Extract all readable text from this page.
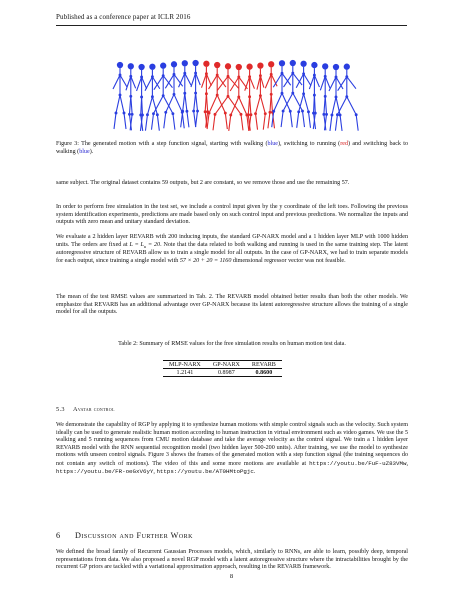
Published as a conference paper at ICLR 2016
Figure 3: The generated motion with a step function signal, starting with walking (blue), switching to running (red) and switching back to walking (blue).
same subject. The original dataset contains 59 outputs, but 2 are constant, so we remove those and use the remaining 57.
In order to perform free simulation in the test set, we include a control input given by the y coordinate of the left toes. Following the previous system identification experiments, predictions are made based only on such control input and previous predictions. We normalize the inputs and outputs with zero mean and unitary standard deviation.
We evaluate a 2 hidden layer REVARB with 200 inducing inputs, the standard GP-NARX model and a 1 hidden layer MLP with 1000 hidden units. The orders are fixed at $L = L_u = 20$. Note that the data related to both walking and running is used in the same training step. The latent autoregressive structure of REVARB allow us to train a single model for all outputs. In the case of GP-NARX, we had to train separate models for each output, since training a single model with 57 × 20 + 20 = 1160 dimensional regressor vector was not feasible.
The mean of the test RMSE values are summarized in Tab. 2. The REVARB model obtained better results than both the other models. We emphasize that REVARB has an additional advantage over GP-NARX because its latent autoregressive structure allows the training of a single model for all the outputs.
Table 2: Summary of RMSE values for the free simulation results on human motion test data.
MLP-NARX	GP-NARX	REVARB
1.2141	0.8987	0.8600
5.3 Avatar control
We demonstrate the capability of RGP by applying it to synthesize human motions with simple control signals such as the velocity. Such system ideally can be used to generate realistic human motion according to human instruction in virtual environment such as video games. We use the 5 walking and 5 running sequences from CMU motion database and take the average velocity as the control signal. We train a 1 hidden layer REVARB model with the RNN sequential recognition model (two hidden layer 500-200 units). After training, we use the model to synthesize motions with unseen control signals. Figure 3 shows the frames of the generated motion with a step function signal (the training sequences do not contain any switch of motions). The video of this and some more motions are available at https://youtu.be/FuF-uZ83VMw, https://youtu.be/FR-oeGxV6yY, https://youtu.be/AT0HMtoPgjc.
6 Discussion and Further Work
We defined the broad family of Recurrent Gaussian Processes models, which, similarly to RNNs, are able to learn, possibly deep, temporal representations from data. We also proposed a novel RGP model with a latent autoregressive structure where the intractabilities brought by the recurrent GP priors are tackled with a variational approximation approach, resulting in the REVARB framework.
8
